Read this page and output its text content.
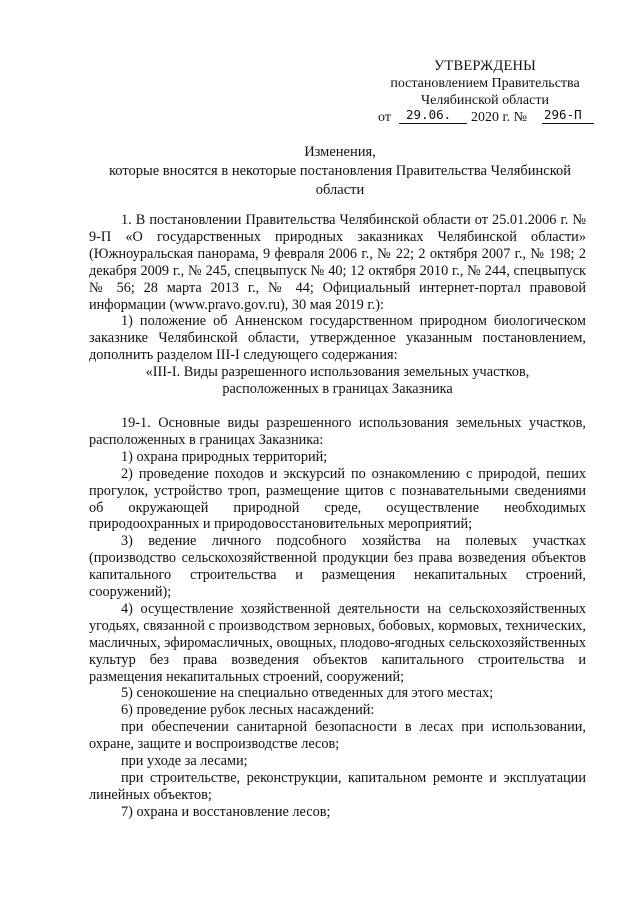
УТВЕРЖДЕНЫ
постановлением Правительства
Челябинской области
от 29.06. 2020 г. № 296-П
Изменения,
которые вносятся в некоторые постановления Правительства Челябинской
области

1. В постановлении Правительства Челябинской области от 25.01.2006 г. № 9-П «О государственных природных заказниках Челябинской области» (Южноуральская панорама, 9 февраля 2006 г., № 22; 2 октября 2007 г., № 198; 2 декабря 2009 г., № 245, спецвыпуск № 40; 12 октября 2010 г., № 244, спецвыпуск № 56; 28 марта 2013 г., № 44; Официальный интернет-портал правовой информации (www.pravo.gov.ru), 30 мая 2019 г.):

1) положение об Анненском государственном природном биологическом заказнике Челябинской области, утвержденное указанным постановлением, дополнить разделом III-I следующего содержания:

«III-I. Виды разрешенного использования земельных участков,

расположенных в границах Заказника

19-1. Основные виды разрешенного использования земельных участков, расположенных в границах Заказника:

1) охрана природных территорий;

2) проведение походов и экскурсий по ознакомлению с природой, пеших прогулок, устройство троп, размещение щитов с познавательными сведениями об окружающей природной среде, осуществление необходимых природоохранных и природовосстановительных мероприятий;

3) ведение личного подсобного хозяйства на полевых участках (производство сельскохозяйственной продукции без права возведения объектов капитального строительства и размещения некапитальных строений, сооружений);

4) осуществление хозяйственной деятельности на сельскохозяйственных угодьях, связанной с производством зерновых, бобовых, кормовых, технических, масличных, эфиромасличных, овощных, плодово-ягодных сельскохозяйственных культур без права возведения объектов капитального строительства и размещения некапитальных строений, сооружений;

5) сенокошение на специально отведенных для этого местах;

6) проведение рубок лесных насаждений:

при обеспечении санитарной безопасности в лесах при использовании, охране, защите и воспроизводстве лесов;

при уходе за лесами;

при строительстве, реконструкции, капитальном ремонте и эксплуатации линейных объектов;

7) охрана и восстановление лесов;
